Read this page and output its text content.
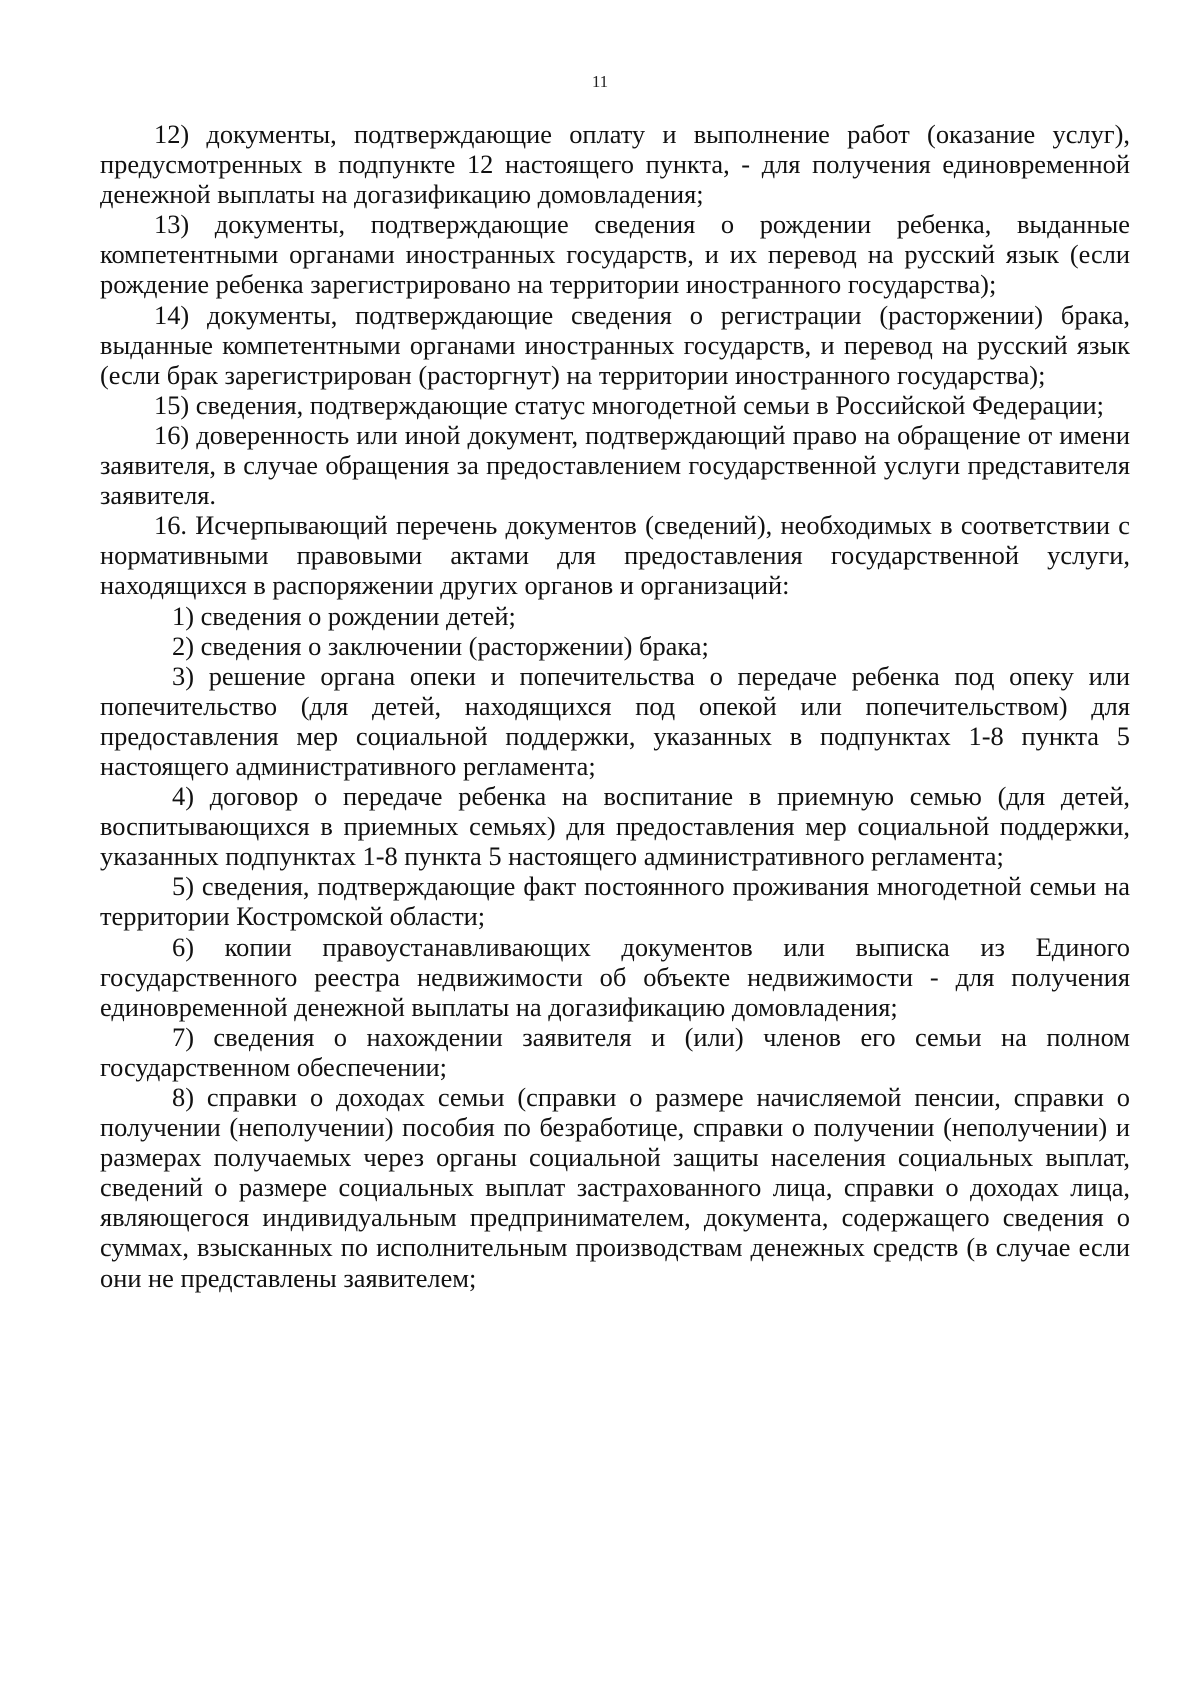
11

12) документы, подтверждающие оплату и выполнение работ (оказание услуг), предусмотренных в подпункте 12 настоящего пункта, - для получения единовременной денежной выплаты на догазификацию домовладения;

13) документы, подтверждающие сведения о рождении ребенка, выданные компетентными органами иностранных государств, и их перевод на русский язык (если рождение ребенка зарегистрировано на территории иностранного государства);

14) документы, подтверждающие сведения о регистрации (расторжении) брака, выданные компетентными органами иностранных государств, и перевод на русский язык (если брак зарегистрирован (расторгнут) на территории иностранного государства);

15) сведения, подтверждающие статус многодетной семьи в Российской Федерации;

16) доверенность или иной документ, подтверждающий право на обращение от имени заявителя, в случае обращения за предоставлением государственной услуги представителя заявителя.

16. Исчерпывающий перечень документов (сведений), необходимых в соответствии с нормативными правовыми актами для предоставления государственной услуги, находящихся в распоряжении других органов и организаций:

1) сведения о рождении детей;

2) сведения о заключении (расторжении) брака;

3) решение органа опеки и попечительства о передаче ребенка под опеку или попечительство (для детей, находящихся под опекой или попечительством) для предоставления мер социальной поддержки, указанных в подпунктах 1-8 пункта 5 настоящего административного регламента;

4) договор о передаче ребенка на воспитание в приемную семью (для детей, воспитывающихся в приемных семьях) для предоставления мер социальной поддержки, указанных подпунктах 1-8 пункта 5 настоящего административного регламента;

5) сведения, подтверждающие факт постоянного проживания многодетной семьи на территории Костромской области;

6) копии правоустанавливающих документов или выписка из Единого государственного реестра недвижимости об объекте недвижимости - для получения единовременной денежной выплаты на догазификацию домовладения;

7) сведения о нахождении заявителя и (или) членов его семьи на полном государственном обеспечении;

8) справки о доходах семьи (справки о размере начисляемой пенсии, справки о получении (неполучении) пособия по безработице, справки о получении (неполучении) и размерах получаемых через органы социальной защиты населения социальных выплат, сведений о размере социальных выплат застрахованного лица, справки о доходах лица, являющегося индивидуальным предпринимателем, документа, содержащего сведения о суммах, взысканных по исполнительным производствам денежных средств (в случае если они не представлены заявителем;
